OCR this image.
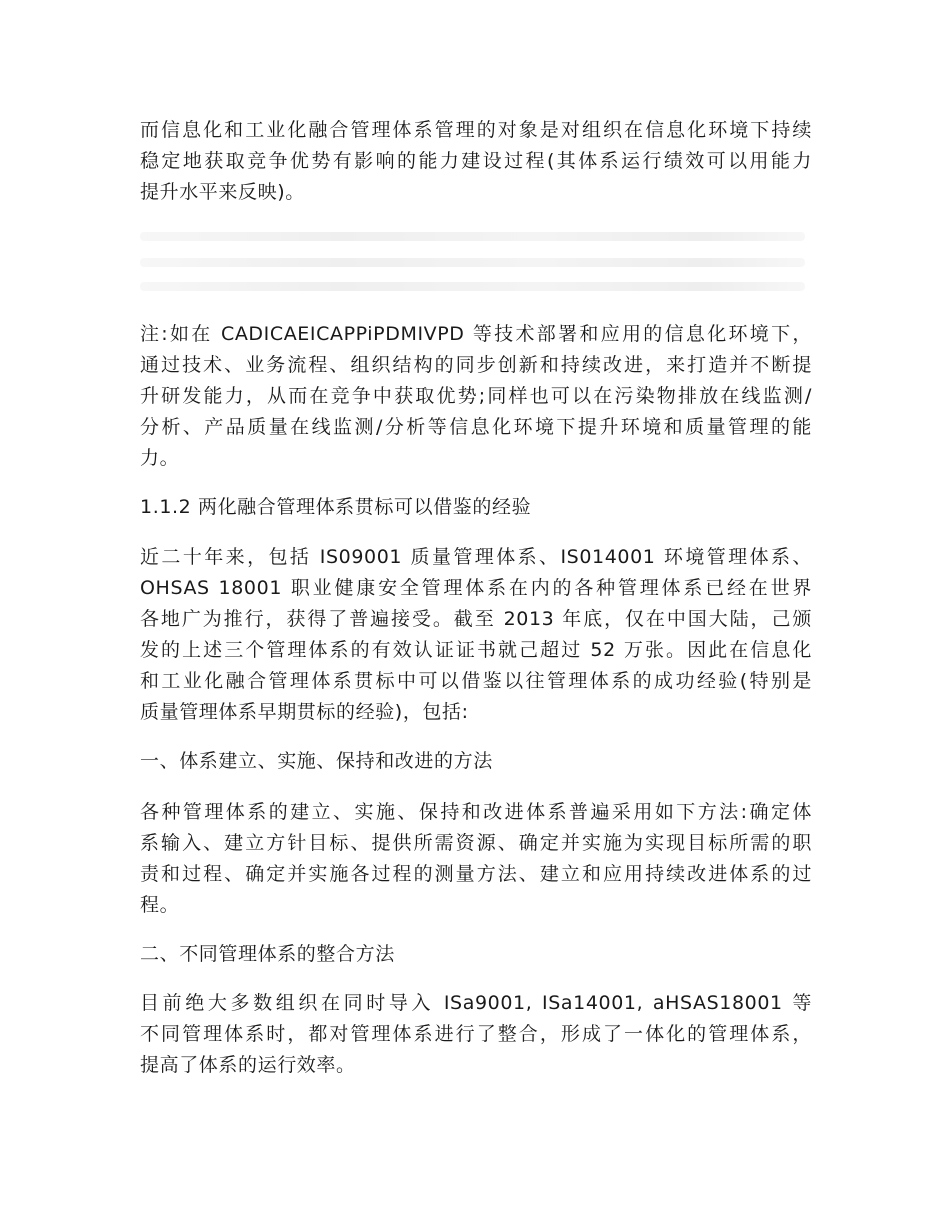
而信息化和工业化融合管理体系管理的对象是对组织在信息化环境下持续
稳定地获取竞争优势有影响的能力建设过程(其体系运行绩效可以用能力
提升水平来反映)。
注:如在 CADICAEICAPPiPDMIVPD 等技术部署和应用的信息化环境下，
通过技术、业务流程、组织结构的同步创新和持续改进，来打造并不断提
升研发能力，从而在竞争中获取优势;同样也可以在污染物排放在线监测/
分析、产品质量在线监测/分析等信息化环境下提升环境和质量管理的能
力。
1.1.2 两化融合管理体系贯标可以借鉴的经验
近二十年来，包括 IS09001 质量管理体系、IS014001 环境管理体系、
OHSAS 18001 职业健康安全管理体系在内的各种管理体系已经在世界
各地广为推行，获得了普遍接受。截至 2013 年底，仅在中国大陆，己颁
发的上述三个管理体系的有效认证证书就己超过 52 万张。因此在信息化
和工业化融合管理体系贯标中可以借鉴以往管理体系的成功经验(特别是
质量管理体系早期贯标的经验)，包括:
一、体系建立、实施、保持和改进的方法
各种管理体系的建立、实施、保持和改进体系普遍采用如下方法:确定体
系输入、建立方针目标、提供所需资源、确定并实施为实现目标所需的职
责和过程、确定并实施各过程的测量方法、建立和应用持续改进体系的过
程。
二、不同管理体系的整合方法
目前绝大多数组织在同时导入 ISa9001, ISa14001, aHSAS18001 等
不同管理体系时，都对管理体系进行了整合，形成了一体化的管理体系，
提高了体系的运行效率。
